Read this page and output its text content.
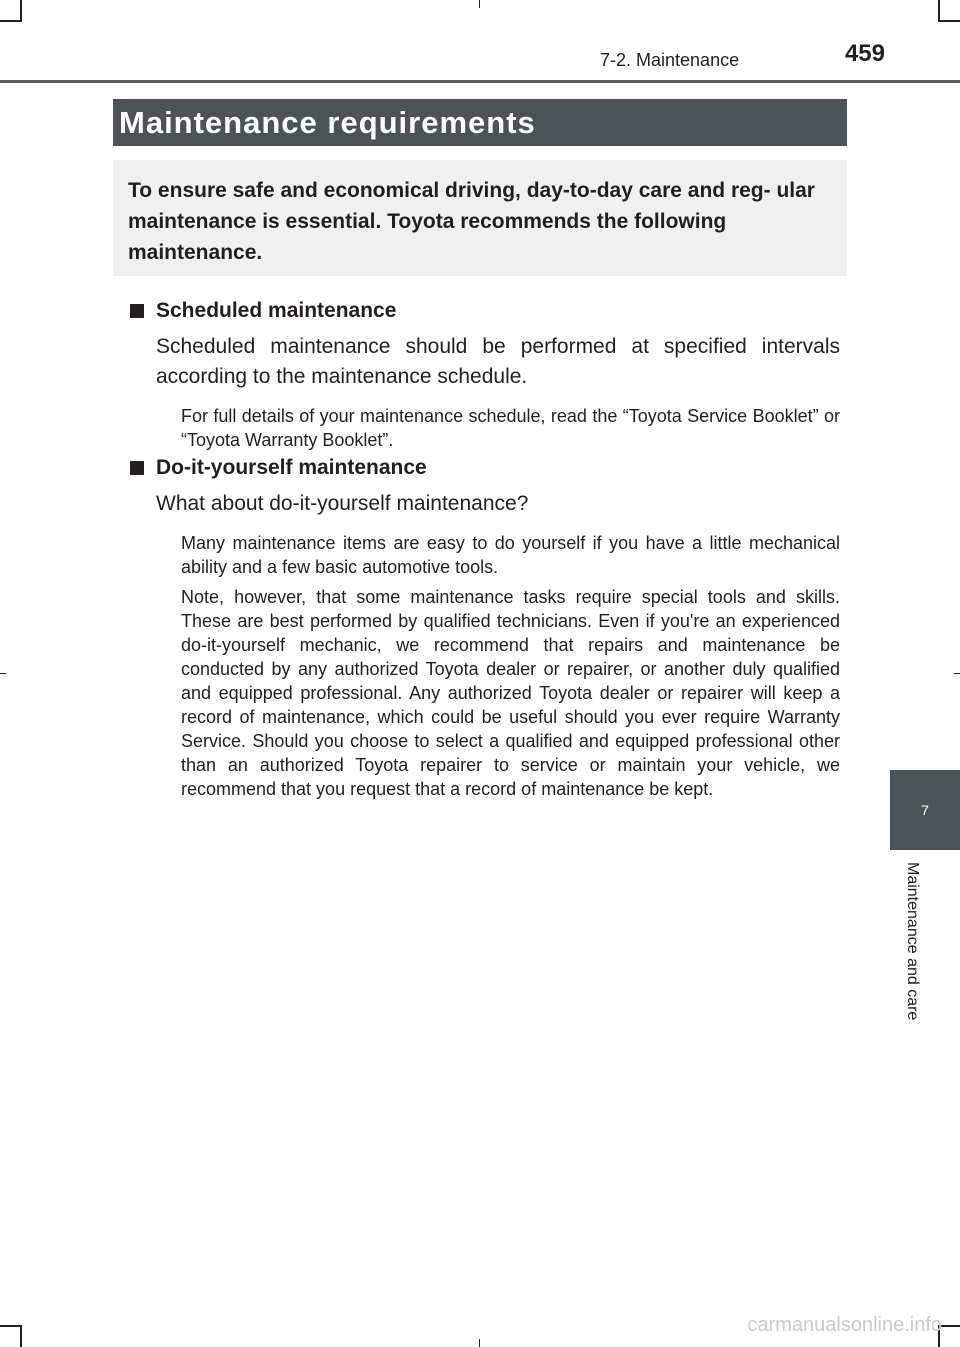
7-2. Maintenance	459
Maintenance requirements
To ensure safe and economical driving, day-to-day care and reg- ular maintenance is essential. Toyota recommends the following maintenance.
Scheduled maintenance
Scheduled maintenance should be performed at specified intervals according to the maintenance schedule.
For full details of your maintenance schedule, read the “Toyota Service Booklet” or “Toyota Warranty Booklet”.
Do-it-yourself maintenance
What about do-it-yourself maintenance?
Many maintenance items are easy to do yourself if you have a little mechanical ability and a few basic automotive tools.
Note, however, that some maintenance tasks require special tools and skills. These are best performed by qualified technicians. Even if you're an experienced do-it-yourself mechanic, we recommend that repairs and maintenance be conducted by any authorized Toyota dealer or repairer, or another duly qualified and equipped professional. Any authorized Toyota dealer or repairer will keep a record of maintenance, which could be useful should you ever require Warranty Service. Should you choose to select a qualified and equipped professional other than an authorized Toyota repairer to service or maintain your vehicle, we recommend that you request that a record of maintenance be kept.
7
Maintenance and care
carmanualsonline.info
